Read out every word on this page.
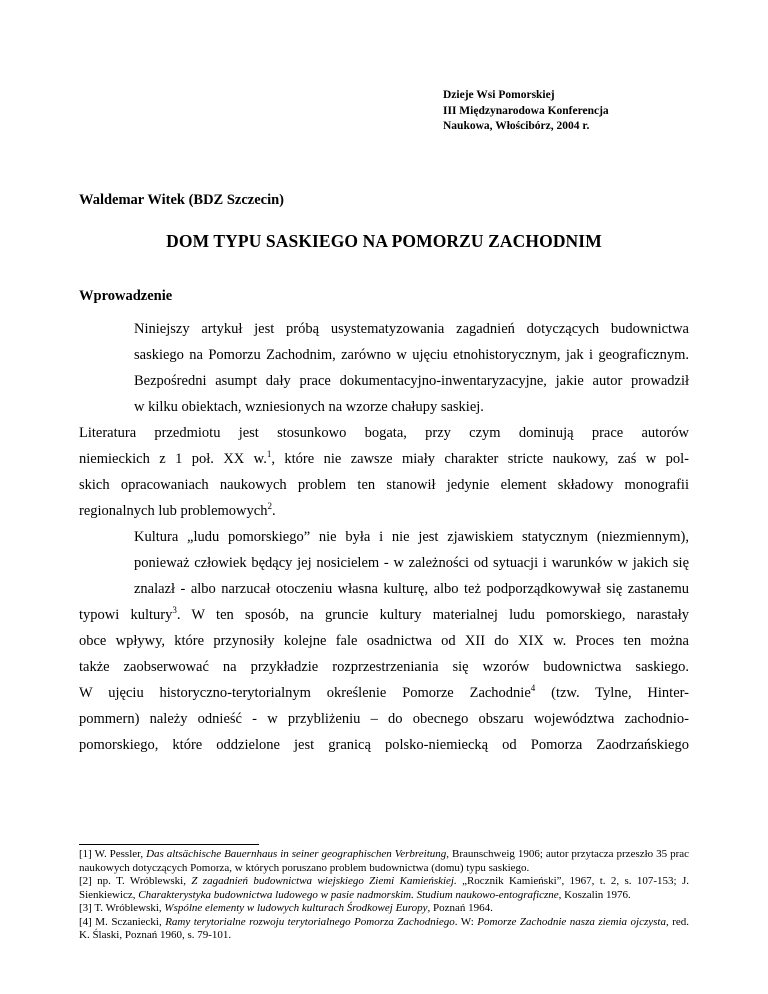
Dzieje Wsi Pomorskiej
III Międzynarodowa Konferencja
Naukowa, Włościbórz, 2004 r.
Waldemar Witek (BDZ Szczecin)
DOM TYPU SASKIEGO NA POMORZU ZACHODNIM
Wprowadzenie

Niniejszy artykuł jest próbą usystematyzowania zagadnień dotyczących budownictwa
saskiego na Pomorzu Zachodnim, zarówno w ujęciu etnohistorycznym, jak i geograficznym.
Bezpośredni asumpt dały prace dokumentacyjno-inwentaryzacyjne, jakie autor prowadził
w kilku obiektach, wzniesionych na wzorze chałupy saskiej.

Literatura przedmiotu jest stosunkowo bogata, przy czym dominują prace autorów
niemieckich z 1 poł. XX w.$^1$, które nie zawsze miały charakter stricte naukowy, zaś w pol-
skich opracowaniach naukowych problem ten stanowił jedynie element składowy monografii
regionalnych lub problemowych$^2$.

Kultura „ludu pomorskiego” nie była i nie jest zjawiskiem statycznym (niezmiennym),
ponieważ człowiek będący jej nosicielem - w zależności od sytuacji i warunków w jakich się
znalazł - albo narzucał otoczeniu własna kulturę, albo też podporządkowywał się zastanemu
typowi kultury$^3$. W ten sposób, na gruncie kultury materialnej ludu pomorskiego, narastały
obce wpływy, które przynosiły kolejne fale osadnictwa od XII do XIX w. Proces ten można
także zaobserwować na przykładzie rozprzestrzeniania się wzorów budownictwa saskiego.
W ujęciu historyczno-terytorialnym określenie Pomorze Zachodnie$^4$ (tzw. Tylne, Hinter-
pommern) należy odnieść - w przybliżeniu – do obecnego obszaru województwa zachodnio-
pomorskiego, które oddzielone jest granicą polsko-niemiecką od Pomorza Zaodrzańskiego

[1] W. Pessler, Das altsächische Bauernhaus in seiner geographischen Verbreitung, Braunschweig 1906; autor przytacza przeszło 35 prac naukowych dotyczących Pomorza, w których poruszano problem budownictwa (domu) typu saskiego.
[2] np. T. Wróblewski, Z zagadnień budownictwa wiejskiego Ziemi Kamieńskiej. „Rocznik Kamieński”, 1967, t. 2, s. 107-153; J. Sienkiewicz, Charakterystyka budownictwa ludowego w pasie nadmorskim. Studium naukowo-entograficzne, Koszalin 1976.
[3] T. Wróblewski, Wspólne elementy w ludowych kulturach Środkowej Europy, Poznań 1964.
[4] M. Sczaniecki, Ramy terytorialne rozwoju terytorialnego Pomorza Zachodniego. W: Pomorze Zachodnie nasza ziemia ojczysta, red. K. Ślaski, Poznań 1960, s. 79-101.
